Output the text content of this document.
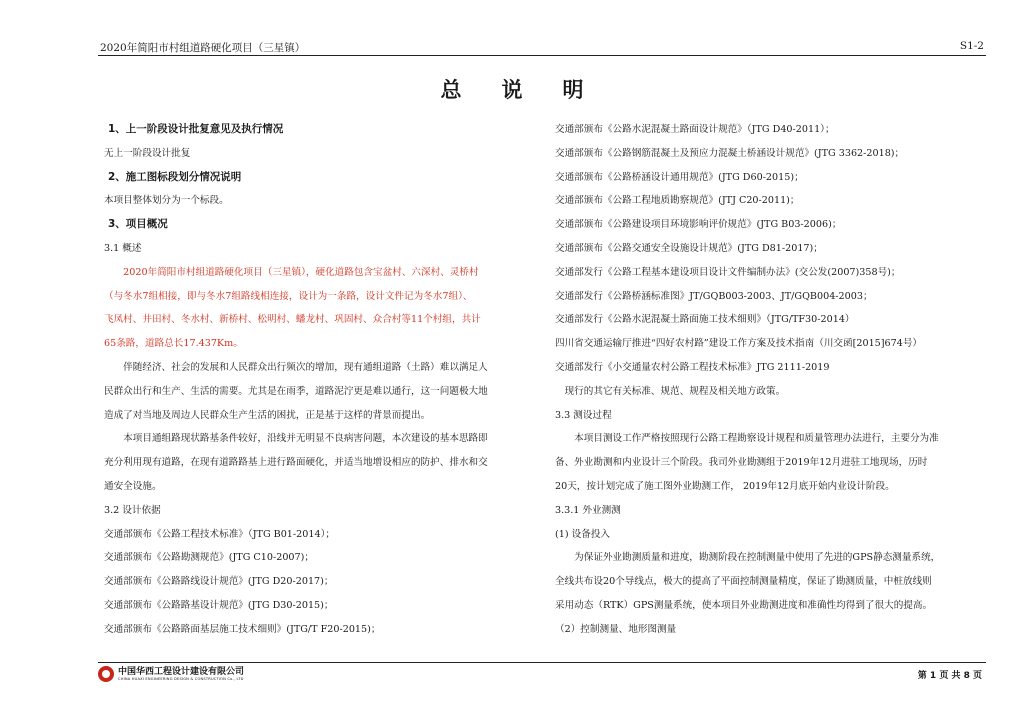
2020年简阳市村组道路硬化项目（三星镇）	S1-2
总说明

1、上一阶段设计批复意见及执行情况

无上一阶段设计批复

2、施工图标段划分情况说明

本项目整体划分为一个标段。

3、项目概况

3.1 概述

　　2020年简阳市村组道路硬化项目（三星镇），硬化道路包含宝盆村、六深村、灵桥村

（与冬水7组相接，即与冬水7组路线相连接，设计为一条路，设计文件记为冬水7组）、

飞凤村、井田村、冬水村、新桥村、松明村、蟠龙村、巩固村、众合村等11个村组，共计

65条路，道路总长17.437Km。

　　伴随经济、社会的发展和人民群众出行频次的增加，现有通组道路（土路）难以满足人

民群众出行和生产、生活的需要。尤其是在雨季，道路泥泞更是难以通行，这一问题极大地

造成了对当地及周边人民群众生产生活的困扰，正是基于这样的背景而提出。

　　本项目通组路现状路基条件较好，沿线并无明显不良病害问题，本次建设的基本思路即

充分利用现有道路，在现有道路路基上进行路面硬化，并适当地增设相应的防护、排水和交

通安全设施。

3.2 设计依据

交通部颁布《公路工程技术标准》（JTG B01-2014）；

交通部颁布《公路勘测规范》(JTG C10-2007)；

交通部颁布《公路路线设计规范》(JTG D20-2017)；

交通部颁布《公路路基设计规范》(JTG D30-2015)；

交通部颁布《公路路面基层施工技术细则》(JTG/T F20-2015)；

交通部颁布《公路水泥混凝土路面设计规范》（JTG D40-2011）；

交通部颁布《公路钢筋混凝土及预应力混凝土桥涵设计规范》(JTG 3362-2018)；

交通部颁布《公路桥涵设计通用规范》(JTG D60-2015)；

交通部颁布《公路工程地质勘察规范》(JTJ C20-2011)；

交通部颁布《公路建设项目环境影响评价规范》(JTG B03-2006)；

交通部颁布《公路交通安全设施设计规范》(JTG D81-2017)；

交通部发行《公路工程基本建设项目设计文件编制办法》(交公发(2007)358号)；

交通部发行《公路桥涵标准图》JT/GQB003-2003、JT/GQB004-2003；

交通部发行《公路水泥混凝土路面施工技术细则》（JTG/TF30-2014）

四川省交通运输厅推进“四好农村路”建设工作方案及技术指南（川交函[2015]674号）

交通部发行《小交通量农村公路工程技术标准》JTG 2111-2019

　现行的其它有关标准、规范、规程及相关地方政策。

3.3 测设过程

　　本项目测设工作严格按照现行公路工程勘察设计规程和质量管理办法进行，主要分为准

备、外业勘测和内业设计三个阶段。我司外业勘测组于2019年12月进驻工地现场，历时

20天，按计划完成了施工图外业勘测工作， 2019年12月底开始内业设计阶段。

3.3.1 外业测测

(1) 设备投入

　　为保证外业勘测质量和进度，勘测阶段在控制测量中使用了先进的GPS静态测量系统，

全线共布设20个导线点，极大的提高了平面控制测量精度，保证了勘测质量，中桩放线则

采用动态（RTK）GPS测量系统，使本项目外业勘测进度和准确性均得到了很大的提高。

（2）控制测量、地形图测量

中国华西工程设计建设有限公司
CHINA HUAXI ENGINEERING DESIGN & CONSTRUCTION Co., LTD	第 1 页 共 8 页
